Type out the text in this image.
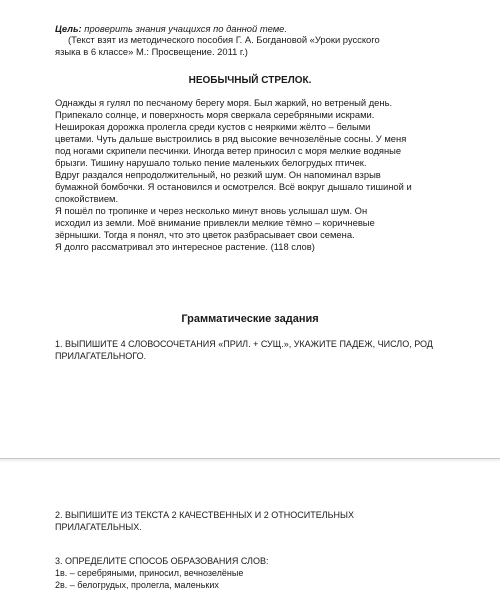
Цель: проверить знания учащихся по данной теме.
(Текст взят из методического пособия Г. А. Богдановой «Уроки русского
языка в 6 классе» М.: Просвещение. 2011 г.)
НЕОБЫЧНЫЙ СТРЕЛОК.
Однажды я гулял по песчаному берегу моря. Был жаркий, но ветреный день.
Припекало солнце, и поверхность моря сверкала серебряными искрами.
Неширокая дорожка пролегла среди кустов с неяркими жёлто – белыми
цветами. Чуть дальше выстроились в ряд высокие вечнозелёные сосны. У меня
под ногами скрипели песчинки. Иногда ветер приносил с моря мелкие водяные
брызги. Тишину нарушало только пение маленьких белогрудых птичек.
Вдруг раздался непродолжительный, но резкий шум. Он напоминал взрыв
бумажной бомбочки. Я остановился и осмотрелся. Всё вокруг дышало тишиной и
спокойствием.
Я пошёл по тропинке и через несколько минут вновь услышал шум. Он
исходил из земли. Моё внимание привлекли мелкие тёмно – коричневые
зёрнышки. Тогда я понял, что это цветок разбрасывает свои семена.
Я долго рассматривал это интересное растение. (118 слов)
Грамматические задания
1. ВЫПИШИТЕ 4 СЛОВОСОЧЕТАНИЯ «ПРИЛ. + СУЩ.», УКАЖИТЕ ПАДЕЖ, ЧИСЛО, РОД
ПРИЛАГАТЕЛЬНОГО.
2. ВЫПИШИТЕ ИЗ ТЕКСТА 2 КАЧЕСТВЕННЫХ И 2 ОТНОСИТЕЛЬНЫХ
ПРИЛАГАТЕЛЬНЫХ.
3. ОПРЕДЕЛИТЕ СПОСОБ ОБРАЗОВАНИЯ СЛОВ:
1в. – серебряными, приносил, вечнозелёные
2в. – белогрудых, пролегла, маленьких
